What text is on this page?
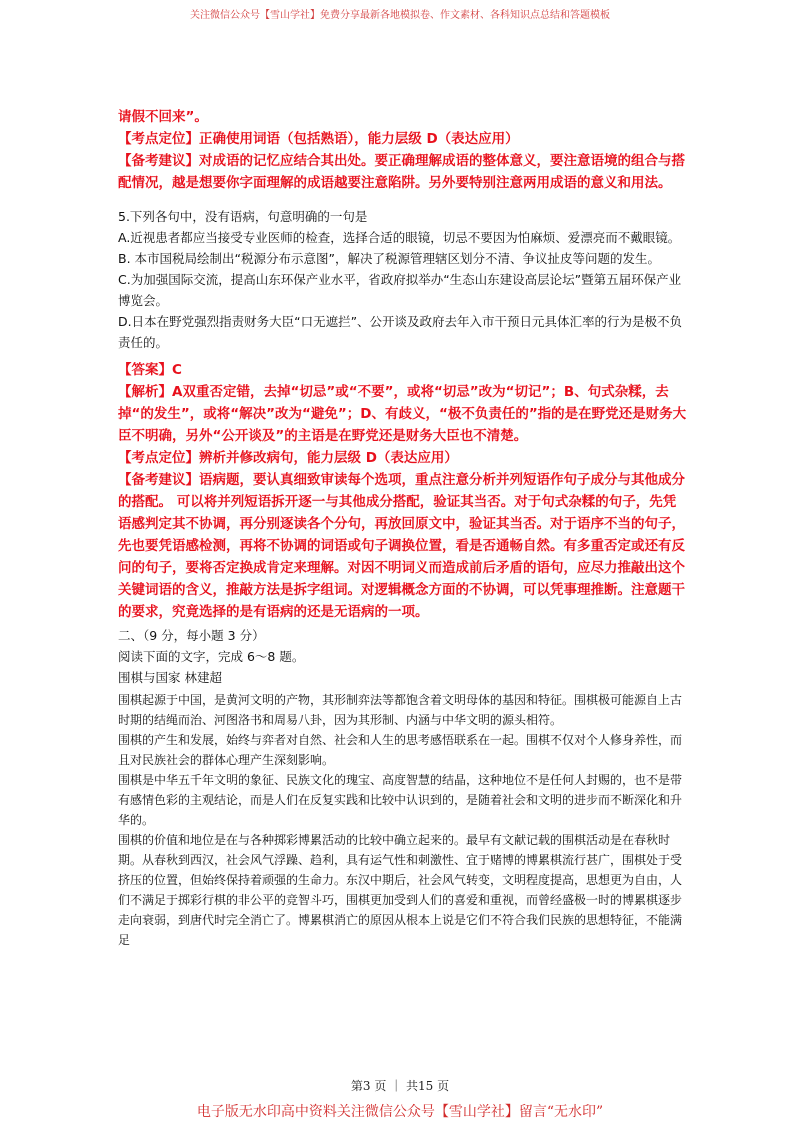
关注微信公众号【雪山学社】免费分享最新各地模拟卷、作文素材、各科知识点总结和答题模板

请假不回来”。

【考点定位】正确使用词语（包括熟语），能力层级 D（表达应用）

【备考建议】对成语的记忆应结合其出处。要正确理解成语的整体意义，要注意语境的组合与搭配情况，越是想要你字面理解的成语越要注意陷阱。另外要特别注意两用成语的意义和用法。

5.下列各句中，没有语病，句意明确的一句是

A.近视患者都应当接受专业医师的检查，选择合适的眼镜，切忌不要因为怕麻烦、爱漂亮而不戴眼镜。

B. 本市国税局绘制出“税源分布示意图”，解决了税源管理辖区划分不清、争议扯皮等问题的发生。

C.为加强国际交流，提高山东环保产业水平，省政府拟举办“生态山东建设高层论坛”暨第五届环保产业博览会。

D.日本在野党强烈指责财务大臣“口无遮拦”、公开谈及政府去年入市干预日元具体汇率的行为是极不负责任的。

【答案】C

【解析】A双重否定错，去掉“切忌”或“不要”，或将“切忌”改为“切记”；B、句式杂糅，去掉“的发生”，或将“解决”改为“避免”；D、有歧义，“极不负责任的”指的是在野党还是财务大臣不明确，另外“公开谈及”的主语是在野党还是财务大臣也不清楚。

【考点定位】辨析并修改病句，能力层级 D（表达应用）

【备考建议】语病题，要认真细致审读每个选项，重点注意分析并列短语作句子成分与其他成分的搭配。 可以将并列短语拆开逐一与其他成分搭配，验证其当否。对于句式杂糅的句子，先凭语感判定其不协调，再分别逐读各个分句，再放回原文中，验证其当否。对于语序不当的句子，先也要凭语感检测，再将不协调的词语或句子调换位置，看是否通畅自然。有多重否定或还有反问的句子，要将否定换成肯定来理解。对因不明词义而造成前后矛盾的语句，应尽力推敲出这个关键词语的含义，推敲方法是拆字组词。对逻辑概念方面的不协调，可以凭事理推断。注意题干的要求，究竟选择的是有语病的还是无语病的一项。

二、（9 分，每小题 3 分）

阅读下面的文字，完成 6～8 题。

围棋与国家 林建超

围棋起源于中国，是黄河文明的产物，其形制弈法等都饱含着文明母体的基因和特征。围棋极可能源自上古时期的结绳而治、河图洛书和周易八卦，因为其形制、内涵与中华文明的源头相符。

围棋的产生和发展，始终与弈者对自然、社会和人生的思考感悟联系在一起。围棋不仅对个人修身养性，而且对民族社会的群体心理产生深刻影响。

围棋是中华五千年文明的象征、民族文化的瑰宝、高度智慧的结晶，这种地位不是任何人封赐的，也不是带有感情色彩的主观结论，而是人们在反复实践和比较中认识到的，是随着社会和文明的进步而不断深化和升华的。

围棋的价值和地位是在与各种掷彩博累活动的比较中确立起来的。最早有文献记载的围棋活动是在春秋时期。从春秋到西汉，社会风气浮躁、趋利，具有运气性和刺激性、宜于赌博的博累棋流行甚广，围棋处于受挤压的位置，但始终保持着顽强的生命力。东汉中期后，社会风气转变，文明程度提高，思想更为自由，人们不满足于掷彩行棋的非公平的竞智斗巧，围棋更加受到人们的喜爱和重视，而曾经盛极一时的博累棋逐步走向衰弱，到唐代时完全消亡了。博累棋消亡的原因从根本上说是它们不符合我们民族的思想特征，不能满足

第3 页 ｜ 共15 页
电子版无水印高中资料关注微信公众号【雪山学社】留言“无水印”
